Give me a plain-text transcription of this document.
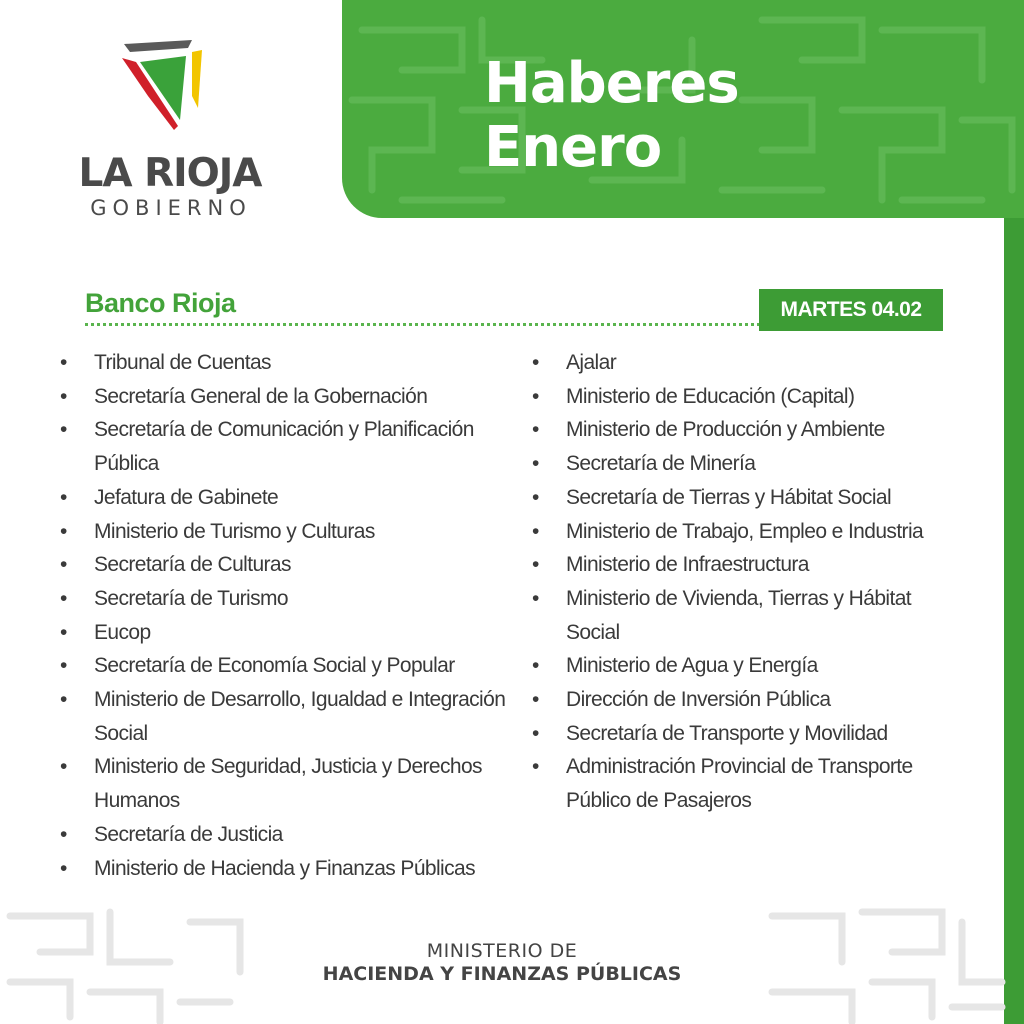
LA RIOJA
GOBIERNO
Haberes
Enero
Banco Rioja	MARTES 04.02
• Tribunal de Cuentas
• Secretaría General de la Gobernación
• Secretaría de Comunicación y Planificación Pública
• Jefatura de Gabinete
• Ministerio de Turismo y Culturas
• Secretaría de Culturas
• Secretaría de Turismo
• Eucop
• Secretaría de Economía Social y Popular
• Ministerio de Desarrollo, Igualdad e Integración Social
• Ministerio de Seguridad, Justicia y Derechos Humanos
• Secretaría de Justicia
• Ministerio de Hacienda y Finanzas Públicas
• Ajalar
• Ministerio de Educación (Capital)
• Ministerio de Producción y Ambiente
• Secretaría de Minería
• Secretaría de Tierras y Hábitat Social
• Ministerio de Trabajo, Empleo e Industria
• Ministerio de Infraestructura
• Ministerio de Vivienda, Tierras y Hábitat Social
• Ministerio de Agua y Energía
• Dirección de Inversión Pública
• Secretaría de Transporte y Movilidad
• Administración Provincial de Transporte Público de Pasajeros
MINISTERIO DE
HACIENDA Y FINANZAS PÚBLICAS
